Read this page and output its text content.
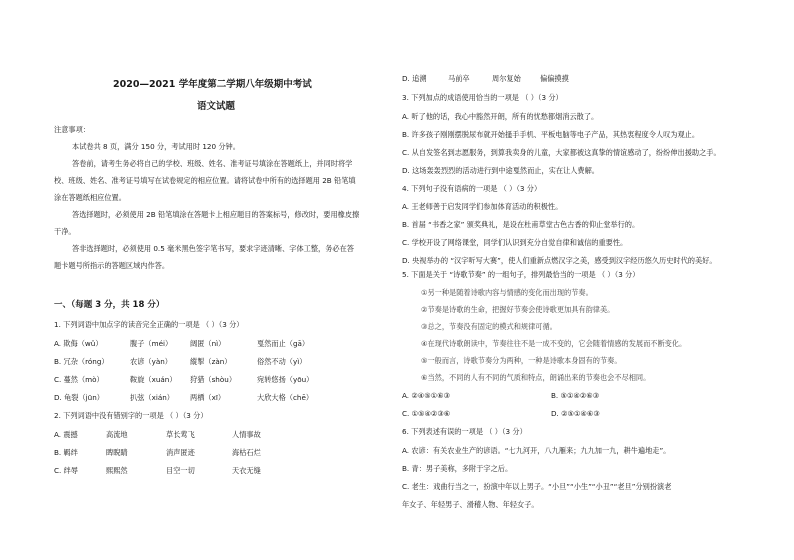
2020—2021 学年度第二学期八年级期中考试
语文试题
注意事项：
本试卷共 8 页，满分 150 分，考试用时 120 分钟。
答卷前，请考生务必将自己的学校、班级、姓名、准考证号填涂在答题纸上，并同时将学
校、班级、姓名、准考证号填写在试卷规定的相应位置。请将试卷中所有的选择题用 2B 铅笔填
涂在答题纸相应位置。
答选择题时，必须使用 2B 铅笔填涂在答题卡上相应题目的答案标号，修改时，要用橡皮擦
干净。
答非选择题时，必须使用 0.5 毫米黑色签字笔书写，要求字迹清晰、字体工整，务必在答
题卡题号所指示的答题区域内作答。
一、（每题 3 分，共 18 分）
1. 下列词语中加点字的读音完全正确的一项是 （ ）（3 分）
A. 欺侮（wǔ）	腹子（méi） 阔匿（nì）	戛然而止（gā）
B. 冗杂（róng）	农谚（yàn）	縱掣（zàn）	俗然不动（yì）
C. 蔓然（mò）	鞍旋（xuán） 狩猎（shòu）	宛转悠扬（yōu）
D. 龟裂（jūn）	扒弦（xián） 两栖（xī）	大欣大格（chē）
2. 下列词语中没有错别字的一项是 （ ）（3 分）
A. 震撼	高流地	草长莺飞	人情事故
B. 羁绊	睥睨睛	消声匿迹	海枯石烂
C. 绊辱	熙熙然	目空一切	天衣无缝
D. 追溯	马前卒	周尔复始	偏偏摸摸
3. 下列加点的成语使用恰当的一项是 （ ）（3 分）
A. 听了他的话，我心中豁然开朗，所有的忧愁都烟消云散了。
B. 许多孩子刚刚摆脱尿布就开始搔手手机、平板电脑等电子产品，其热衷程度令人叹为观止。
C. 从自发签名到志愿服务，到算我卖身的儿童，大家都被这真挚的情谊感动了，纷纷伸出援助之手。
D. 这场轰轰烈烈的活动进行到中途戛然而止，实在让人费解。
4. 下列句子没有语病的一项是 （ ）（3 分）
A. 王老师善于启发同学们参加体育活动的积极性。
B. 首届 “书香之家” 颁奖典礼，是设在杜甫草堂古色古香的仰止堂举行的。
C. 学校开设了网络课堂，同学们认识到充分自觉自律和诚信的重要性。
D. 央视举办的 “汉字听写大赛”，使人们重新点燃汉字之美，感受到汉字经历悠久历史时代的美好。
5. 下面是关于 “诗歌节奏” 的一组句子，排列最恰当的一项是 （ ）（3 分）
①另一种是随着诗歌内容与情感的变化而出现的节奏。
②节奏是诗歌的生命，把握好节奏会使诗歌更加具有韵律美。
③总之，节奏没有固定的模式和规律可循。
④在现代诗歌朗读中，节奏往往不是一成不变的，它会随着情感的发展而不断变化。
⑤一般而言，诗歌节奏分为两种，一种是诗歌本身固有的节奏。
⑥当然，不同的人有不同的气质和特点，朗诵出来的节奏也会不尽相同。
A. ②④⑤①⑥③	B. ⑤①④②⑥③
C. ①⑤④②③⑥	D. ②⑤①④⑥③
6. 下列表述有误的一项是 （ ）（3 分）
A. 农谚：有关农业生产的谚语。“七九河开，八九雁来；九九加一九，耕牛遍地走”。
B. 青：男子美称，多附于字之后。
C. 老生：戏曲行当之一，扮演中年以上男子。“小旦”“小生”“小丑”“老旦”分别扮演老
年女子、年轻男子、滑稽人物、年轻女子。
